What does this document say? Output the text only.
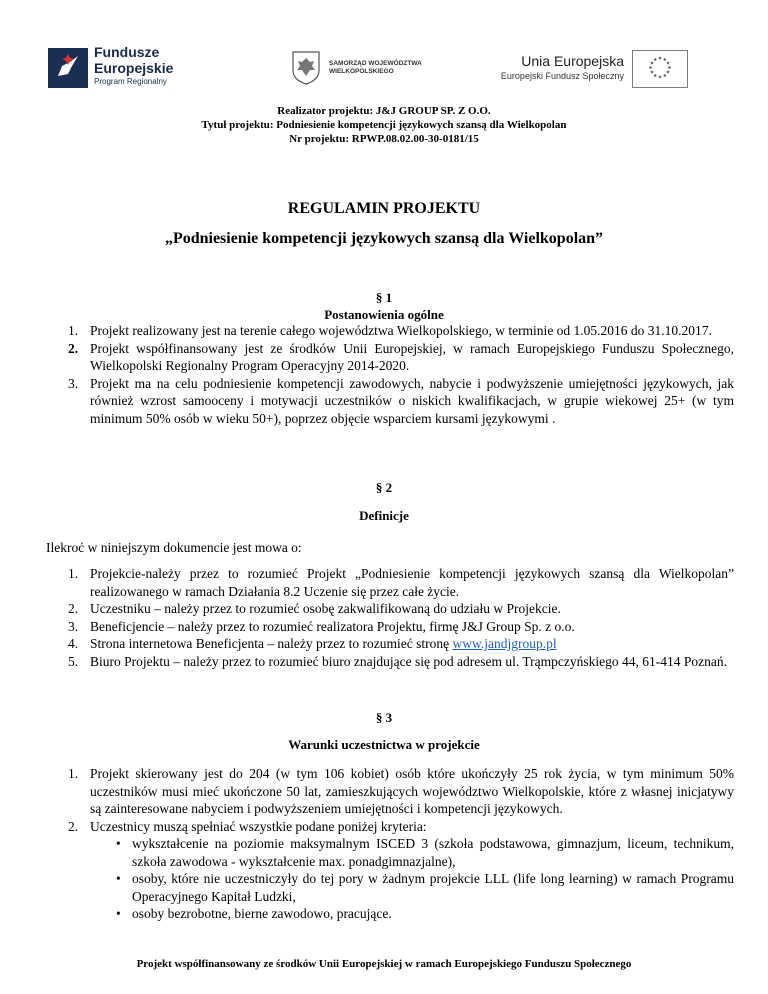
Fundusze
Europejskie
Program Regionalny
SAMORZĄD WOJEWÓDZTWA
WIELKOPOLSKIEGO
Unia Europejska
Europejski Fundusz Społeczny
★ ★
★
★
★
★
★
★
★
★
★
★
Realizator projektu: J&J GROUP SP. Z O.O.
Tytuł projektu: Podniesienie kompetencji językowych szansą dla Wielkopolan
Nr projektu: RPWP.08.02.00-30-0181/15
REGULAMIN PROJEKTU
„Podniesienie kompetencji językowych szansą dla Wielkopolan”
§ 1
Postanowienia ogólne
1. Projekt realizowany jest na terenie całego województwa Wielkopolskiego, w terminie od 1.05.2016 do 31.10.2017.
2. Projekt współfinansowany jest ze środków Unii Europejskiej, w ramach Europejskiego Funduszu Społecznego, Wielkopolski Regionalny Program Operacyjny 2014-2020.
3. Projekt ma na celu podniesienie kompetencji zawodowych, nabycie i podwyższenie umiejętności językowych, jak również wzrost samooceny i motywacji uczestników o niskich kwalifikacjach, w grupie wiekowej 25+ (w tym minimum 50% osób w wieku 50+), poprzez objęcie wsparciem kursami językowymi .
§ 2
Definicje
Ilekroć w niniejszym dokumencie jest mowa o:
1. Projekcie-należy przez to rozumieć Projekt „Podniesienie kompetencji językowych szansą dla Wielkopolan” realizowanego w ramach Działania 8.2 Uczenie się przez całe życie.
2. Uczestniku – należy przez to rozumieć osobę zakwalifikowaną do udziału w Projekcie.
3. Beneficjencie – należy przez to rozumieć realizatora Projektu, firmę J&J Group Sp. z o.o.
4. Strona internetowa Beneficjenta – należy przez to rozumieć stronę www.jandjgroup.pl
5. Biuro Projektu – należy przez to rozumieć biuro znajdujące się pod adresem ul. Trąmpczyńskiego 44, 61-414 Poznań.
§ 3
Warunki uczestnictwa w projekcie
1. Projekt skierowany jest do 204 (w tym 106 kobiet) osób które ukończyły 25 rok życia, w tym minimum 50% uczestników musi mieć ukończone 50 lat, zamieszkujących województwo Wielkopolskie, które z własnej inicjatywy są zainteresowane nabyciem i podwyższeniem umiejętności i kompetencji językowych.
2. Uczestnicy muszą spełniać wszystkie podane poniżej kryteria:
• wykształcenie na poziomie maksymalnym ISCED 3 (szkoła podstawowa, gimnazjum, liceum, technikum, szkoła zawodowa - wykształcenie max. ponadgimnazjalne),
• osoby, które nie uczestniczyły do tej pory w żadnym projekcie LLL (life long learning) w ramach Programu Operacyjnego Kapitał Ludzki,
• osoby bezrobotne, bierne zawodowo, pracujące.
Projekt współfinansowany ze środków Unii Europejskiej w ramach Europejskiego Funduszu Społecznego
